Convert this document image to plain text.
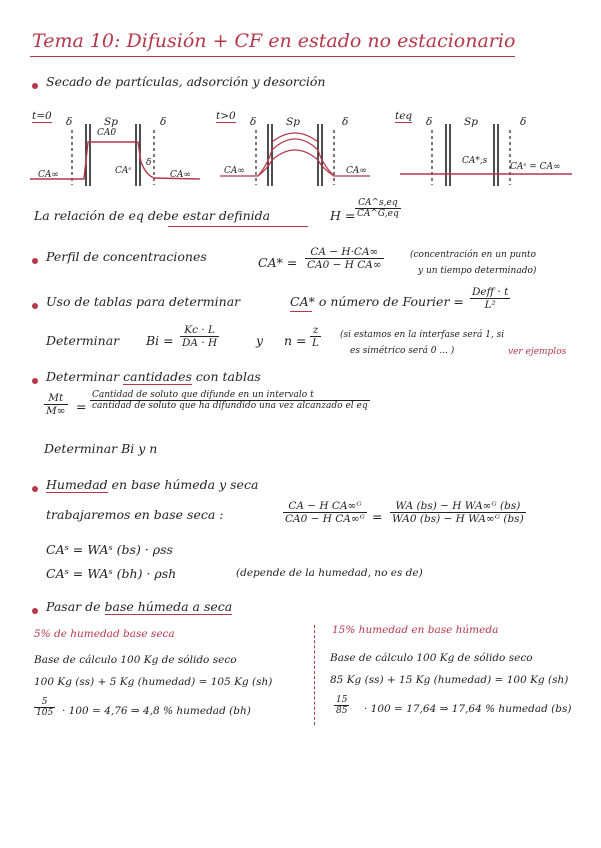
Tema 10: Difusión + CF en estado no estacionario
Secado de partículas, adsorción y desorción
t=0 δ	Sp	δ
CA0
CA∞	CAˢ
δ
CA∞
t>0 δ	Sp	δ
CA∞	CA∞
teq δ	Sp	δ
CA*,s
CAˢ = CA∞
La relación de eq debe estar definida	$H = \frac{CA\^{}s,eq}{CA\^{}G,eq}$
Perfil de concentraciones	$CA* = \frac{CA - H\cdot CA\infty}{\text{CA0 − H CA∞}}$	(concentración en un punto
y un tiempo determinado)
Uso de tablas para determinar	CA* o número de Fourier =
Deff · t
L²
Determinar $Bi = \frac{Kc \cdot L}{DA \cdot H}$	y $n = \frac{z}{L} (si$ estamos en la interfase será 1, si
es simétrico será 0 ... )	ver ejemplos
Determinar cantidades con tablas
$\frac{Mt}{M\infty}$ =
Cantidad de soluto que difunde en un intervalo t
cantidad de soluto que ha difundido una vez alcanzado el eq
Determinar Bi y n
Humedad en base húmeda y seca
trabajaremos en base seca :	$\frac{\text{CA − H CA∞ᴳ}}{\text{CA0 − H CA∞ᴳ}} = \frac{\text{WA (bs) − H WA∞ᴳ (bs)}}{\text{WA0 (bs) − H WA∞ᴳ (bs)}}$
CAˢ = WAˢ (bs) · ρss
CAˢ = WAˢ (bh) · ρsh	(depende de la humedad, no es de)
Pasar de base húmeda a seca
5% de humedad base seca
Base de cálculo 100 Kg de sólido seco
100 Kg (ss) + 5 Kg (humedad) = 105 Kg (sh)
$\frac{5}{105} \cdot 100 = 4,76$ ⇒ 4,8 % humedad (bh)
15% humedad en base húmeda
Base de cálculo 100 Kg de sólido seco
85 Kg (ss) + 15 Kg (humedad) = 100 Kg (sh)
$\frac{15}{85} \cdot 100 = 17,64$ ⇒ 17,64 % humedad (bs)
